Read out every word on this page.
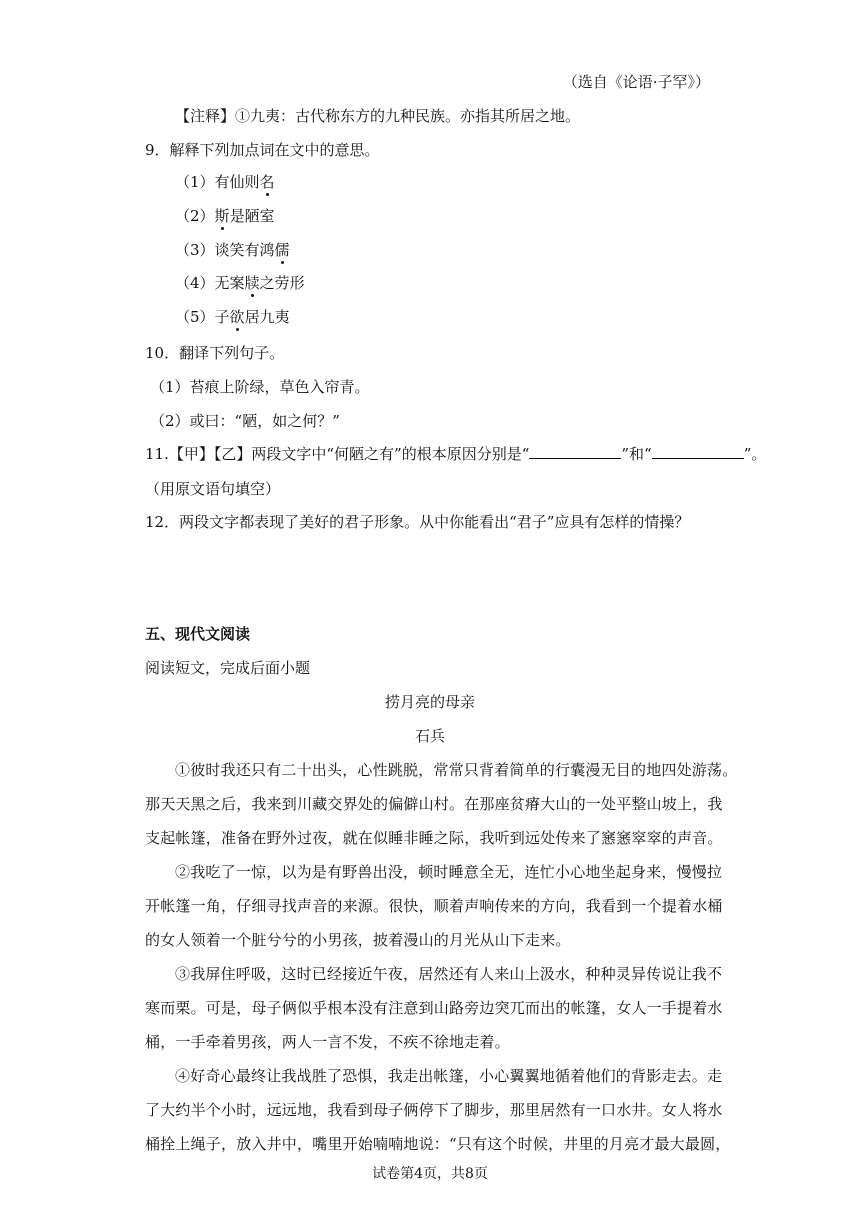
（选自《论语·子罕》）
【注释】①九夷：古代称东方的九种民族。亦指其所居之地。
9．解释下列加点词在文中的意思。
（1）有仙则名
（2）斯是陋室
（3）谈笑有鸿儒
（4）无案牍之劳形
（5）子欲居九夷
10．翻译下列句子。
（1）苔痕上阶绿，草色入帘青。
（2）或曰：“陋，如之何？”
11.【甲】【乙】两段文字中“何陋之有”的根本原因分别是“	”和“	”。
（用原文语句填空）
12．两段文字都表现了美好的君子形象。从中你能看出“君子”应具有怎样的情操？
五、现代文阅读
阅读短文，完成后面小题
捞月亮的母亲
石兵
①彼时我还只有二十出头，心性跳脱，常常只背着简单的行囊漫无目的地四处游荡。
那天天黑之后，我来到川藏交界处的偏僻山村。在那座贫瘠大山的一处平整山坡上，我
支起帐篷，准备在野外过夜，就在似睡非睡之际，我听到远处传来了窸窸窣窣的声音。
②我吃了一惊，以为是有野兽出没，顿时睡意全无，连忙小心地坐起身来，慢慢拉
开帐篷一角，仔细寻找声音的来源。很快，顺着声响传来的方向，我看到一个提着水桶
的女人领着一个脏兮兮的小男孩，披着漫山的月光从山下走来。
③我屏住呼吸，这时已经接近午夜，居然还有人来山上汲水，种种灵异传说让我不
寒而栗。可是，母子俩似乎根本没有注意到山路旁边突兀而出的帐篷，女人一手提着水
桶，一手牵着男孩，两人一言不发，不疾不徐地走着。
④好奇心最终让我战胜了恐惧，我走出帐篷，小心翼翼地循着他们的背影走去。走
了大约半个小时，远远地，我看到母子俩停下了脚步，那里居然有一口水井。女人将水
桶拴上绳子，放入井中，嘴里开始喃喃地说：“只有这个时候，井里的月亮才最大最圆，
试卷第4页，共8页
